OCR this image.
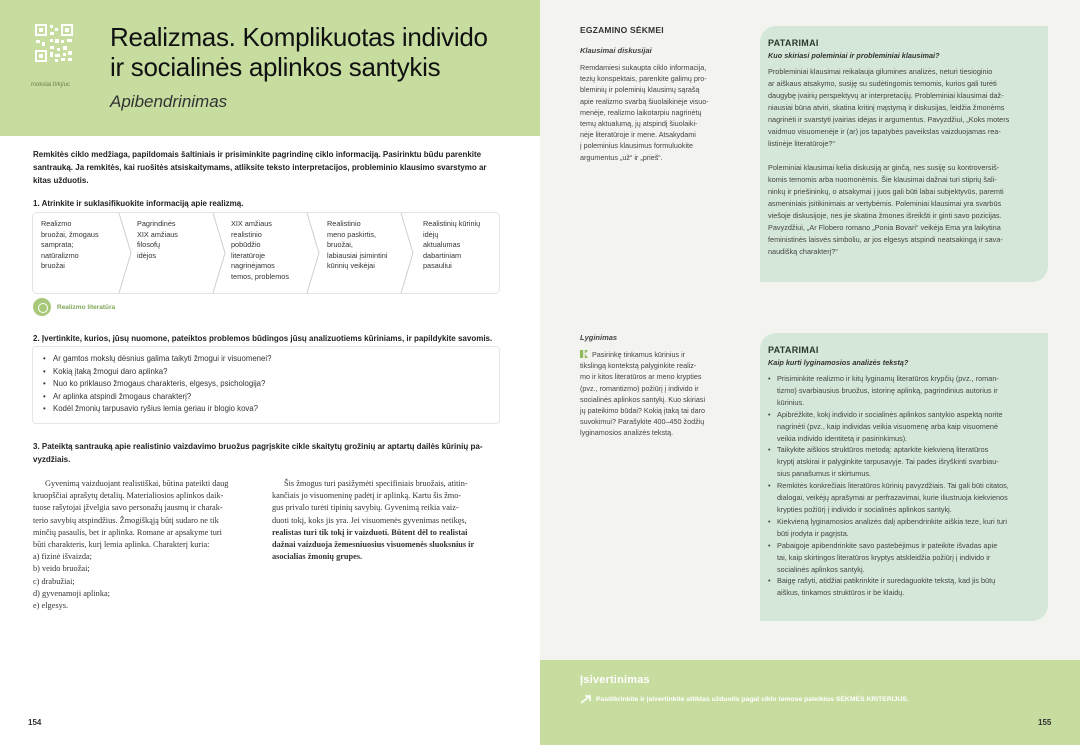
mokslai.lt/kj/uc
Realizmas. Komplikuotas individo
ir socialinės aplinkos santykis
Apibendrinimas
Remkitės ciklo medžiaga, papildomais šaltiniais ir prisiminkite pagrindinę ciklo informaciją. Pasirinktu būdu parenkite
santrauką. Ja remkitės, kai ruošitės atsiskaitymams, atliksite teksto interpretacijos, probleminio klausimo svarstymo ar
kitas užduotis.
1. Atrinkite ir suklasifikuokite informaciją apie realizmą.
Realizmo
bruožai, žmogaus
samprata;
natūralizmo
bruožai
Pagrindinės
XIX amžiaus
filosofų
idėjos
XIX amžiaus
realistinio
pobūdžio
literatūroje
nagrinėjamos
temos, problemos
Realistinio
meno paskirtis,
bruožai,
labiausiai įsimintini
kūrinių veikėjai
Realistinių kūrinių
idėjų
aktualumas
dabartiniam
pasauliui
Realizmo literatūra
2. Įvertinkite, kurios, jūsų nuomone, pateiktos problemos būdingos jūsų analizuotiems kūriniams, ir papildykite savomis.
• Ar gamtos mokslų dėsnius galima taikyti žmogui ir visuomenei?
• Kokią įtaką žmogui daro aplinka?
• Nuo ko priklauso žmogaus charakteris, elgesys, psichologija?
• Ar aplinka atspindi žmogaus charakterį?
• Kodėl žmonių tarpusavio ryšius lemia geriau ir blogio kova?
3. Pateiktą santrauką apie realistinio vaizdavimo bruožus pagrįskite cikle skaitytų grožinių ar aptartų dailės kūrinių pa-
vyzdžiais.
Gyvenimą vaizduojant realistiškai, būtina pateikti daug
kruopščiai aprašytų detalių. Materialiosios aplinkos daik-
tuose rašytojai įžvelgia savo personažų jausmų ir charak-
terio savybių atspindžius. Žmogiškąją būtį sudaro ne tik
minčių pasaulis, bet ir aplinka. Romane ar apsakyme turi
būti charakteris, kurį lemia aplinka. Charakterį kuria:
a) fizinė išvaizda;
b) veido bruožai;
c) drabužiai;
d) gyvenamoji aplinka;
e) elgesys.
Šis žmogus turi pasižymėti specifiniais bruožais, atitin-
kančiais jo visuomeninę padėtį ir aplinką. Kartu šis žmo-
gus privalo turėti tipinių savybių. Gyvenimą reikia vaiz-
duoti tokį, koks jis yra. Jei visuomenės gyvenimas netikęs,
realistas turi tik tokį ir vaizduoti. Būtent dėl to realistai
dažnai vaizduoja žemesniuosius visuomenės sluoksnius ir
asocialias žmonių grupes.
154
EGZAMINO SĖKMEI
Klausimai diskusijai
Remdamiesi sukaupta ciklo informacija,
tezių konspektais, parenkite galimų pro-
bleminių ir poleminių klausimų sąrašą
apie realizmo svarbą šiuolaikinėje visuo-
menėje, realizmo laikotarpiu nagrinėtų
temų aktualumą, jų atspindį šiuolaiki-
nėje literatūroje ir mene. Atsakydami
į poleminius klausimus formuluokite
argumentus „už“ ir „prieš“.
Lyginimas
Pasirinkę tinkamus kūrinius ir
tikslingą kontekstą palyginkite realiz-
mo ir kitos literatūros ar meno krypties
(pvz., romantizmo) požiūrį į individo ir
socialinės aplinkos santykį. Kuo skiriasi
jų pateikimo būdai? Kokią įtaką tai daro
suvokimui? Parašykite 400–450 žodžių
lyginamosios analizės tekstą.
PATARIMAI
Kuo skiriasi poleminiai ir probleminiai klausimai?
Probleminiai klausimai reikalauja gilumines analizės, neturi tiesioginio
ar aiškaus atsakymo, susiję su sudėtingomis temomis, kurios gali turėti
daugybę įvairių perspektyvų ar interpretacijų. Probleminiai klausimai daž-
niausiai būna atviri, skatina kritinį mąstymą ir diskusijas, leidžia žmonėms
nagrinėti ir svarstyti įvairias idėjas ir argumentus. Pavyzdžiui, „Koks moters
vaidmuo visuomenėje ir (ar) jos tapatybės paveikslas vaizduojamas rea-
listinėje literatūroje?“
Poleminiai klausimai kelia diskusiją ar ginčą, nes susiję su kontroversiš-
komis temomis arba nuomonėmis. Šie klausimai dažnai turi stiprių šali-
ninkų ir priešininkų, o atsakymai į juos gali būti labai subjektyvūs, paremti
asmeniniais įsitikinimais ar vertybėmis. Poleminiai klausimai yra svarbūs
viešoje diskusijoje, nes jie skatina žmones išreikšti ir ginti savo pozicijas.
Pavyzdžiui, „Ar Flobero romano „Ponia Bovari“ veikėja Ema yra laikytina
feministinės laisvės simboliu, ar jos elgesys atspindi neatsakingą ir sava-
naudišką charakterį?“
PATARIMAI
Kaip kurti lyginamosios analizės tekstą?
• Prisiminkite realizmo ir kitų lyginamų literatūros krypčių (pvz., roman-
tizmo) svarbiausius bruožus, istorinę aplinką, pagrindinius autorius ir
kūrinius.
• Apibrėžkite, kokį individo ir socialinės aplinkos santykio aspektą norite
nagrinėti (pvz., kaip individas veikia visuomenę arba kaip visuomenė
veikia individo identitetą ir pasirinkimus).
• Taikykite aiškios struktūros metodą: aptarkite kiekvieną literatūros
kryptį atskirai ir palyginkite tarpusavyje. Tai pades išryškinti svarbiau-
sius panašumus ir skirtumus.
• Remkitės konkrečiais literatūros kūrinių pavyzdžiais. Tai gali būti citatos,
dialogai, veikėjų aprašymai ar perfrazavimai, kurie iliustruoja kiekvienos
krypties požiūrį į individo ir socialinės aplinkos santykį.
• Kiekvieną lyginamosios analizės dalį apibendrinkite aiškia teze, kuri turi
būti įrodyta ir pagrįsta.
• Pabaigoje apibendrinkite savo pastebėjimus ir pateikite išvadas apie
tai, kaip skirtingos literatūros kryptys atskleidžia požiūrį į individo ir
socialinės aplinkos santykį.
• Baigę rašyti, atidžiai patikrinkite ir suredaguokite tekstą, kad jis būtų
aiškus, tinkamos struktūros ir be klaidų.
Įsivertinimas
Pasitikrinkite ir įsivertinkite atliktas užduotis pagal ciklo temose pateiktus SĖKMĖS KRITERIJUS.
155
